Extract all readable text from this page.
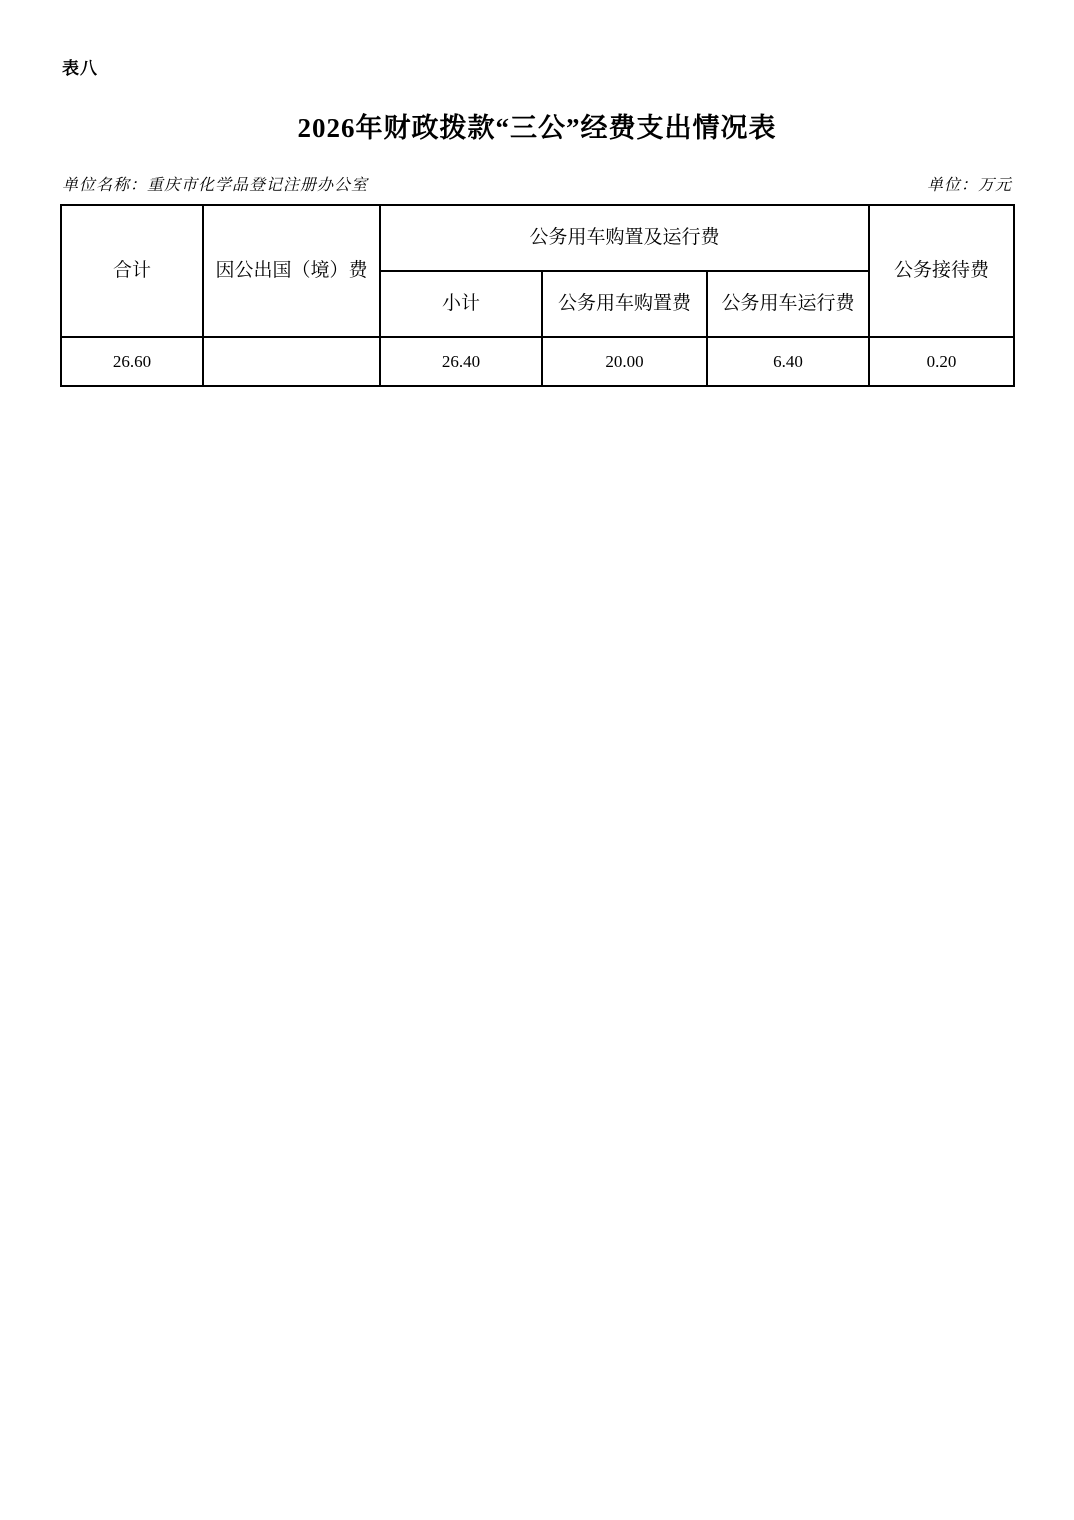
表八
2026年财政拨款“三公”经费支出情况表
单位名称：重庆市化学品登记注册办公室	单位：万元
合计	因公出国（境）费	公务用车购置及运行费			公务接待费
		小计	公务用车购置费	公务用车运行费	
26.60		26.40	20.00	6.40	0.20
